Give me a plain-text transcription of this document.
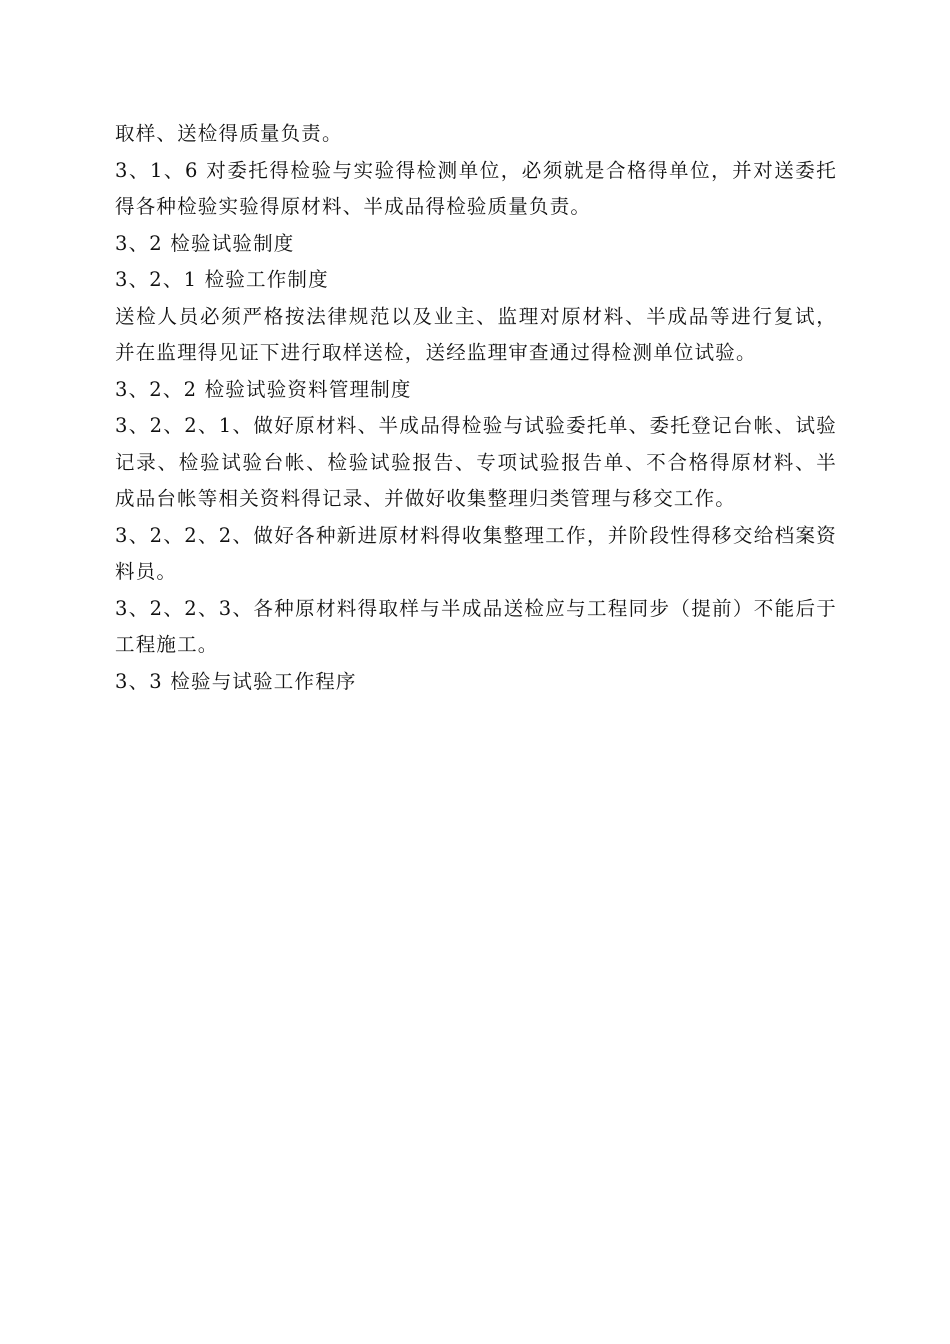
取样、送检得质量负责。

3、1、6 对委托得检验与实验得检测单位，必须就是合格得单位，并对送委托得各种检验实验得原材料、半成品得检验质量负责。

3、2 检验试验制度

3、2、1 检验工作制度

送检人员必须严格按法律规范以及业主、监理对原材料、半成品等进行复试，并在监理得见证下进行取样送检，送经监理审查通过得检测单位试验。

3、2、2 检验试验资料管理制度

3、2、2、1、做好原材料、半成品得检验与试验委托单、委托登记台帐、试验记录、检验试验台帐、检验试验报告、专项试验报告单、不合格得原材料、半成品台帐等相关资料得记录、并做好收集整理归类管理与移交工作。

3、2、2、2、做好各种新进原材料得收集整理工作，并阶段性得移交给档案资料员。

3、2、2、3、各种原材料得取样与半成品送检应与工程同步（提前）不能后于工程施工。

3、3 检验与试验工作程序
